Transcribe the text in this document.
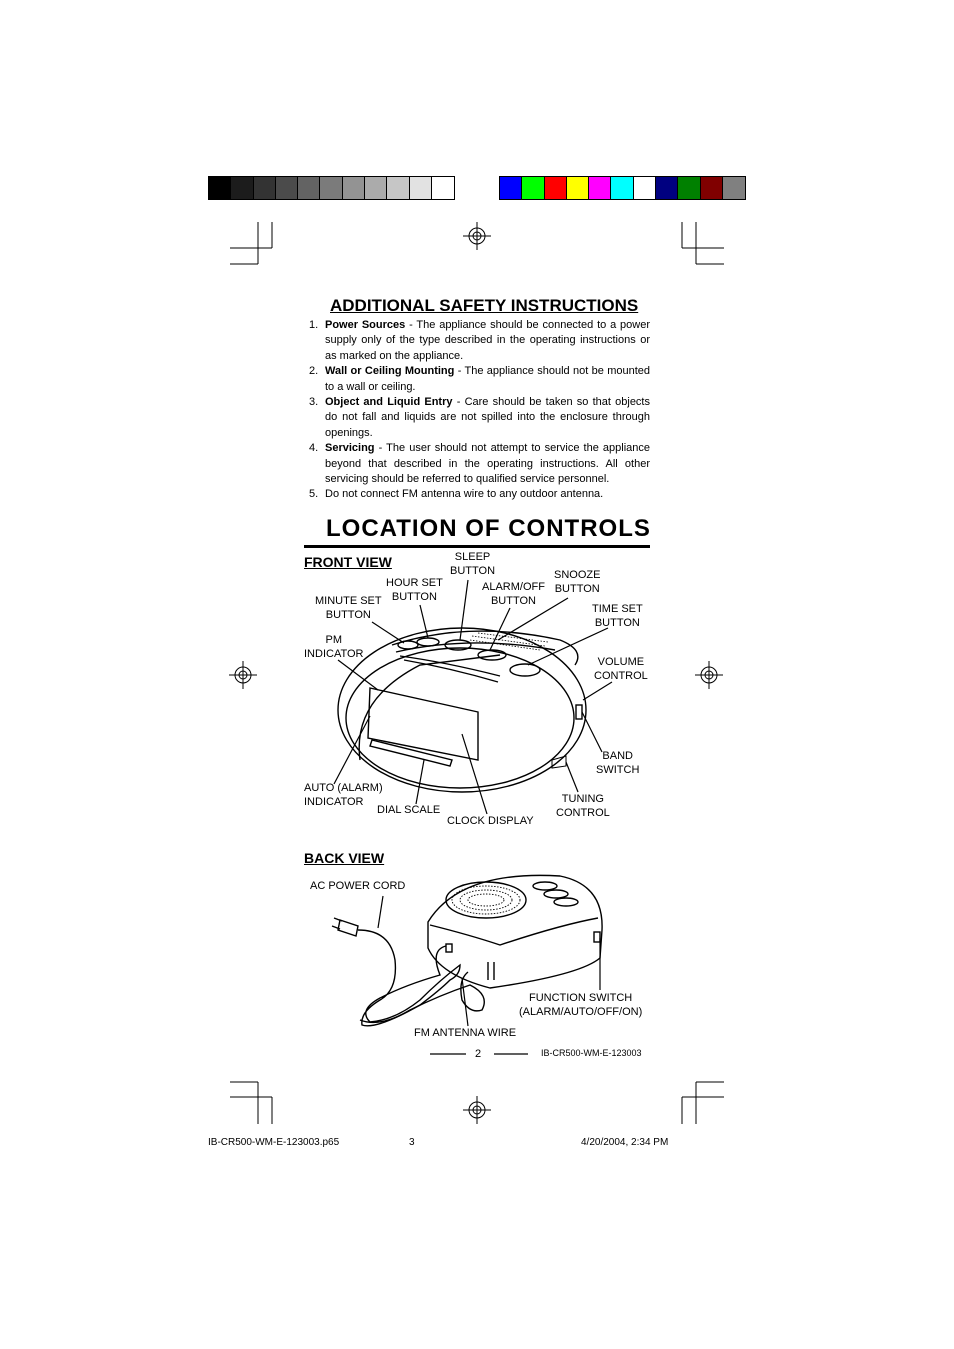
ADDITIONAL SAFETY INSTRUCTIONS
1. Power Sources - The appliance should be connected to a power supply only of the type described in the operating instructions or as marked on the appliance.
2. Wall or Ceiling Mounting - The appliance should not be mounted to a wall or ceiling.
3. Object and Liquid Entry - Care should be taken so that objects do not fall and liquids are not spilled into the enclosure through openings.
4. Servicing - The user should not attempt to service the appliance beyond that described in the operating instructions. All other servicing should be referred to qualified service personnel.
5. Do not connect FM antenna wire to any outdoor antenna.
LOCATION OF CONTROLS
FRONT VIEW	SLEEP
BUTTON
HOUR SET
BUTTON
ALARM/OFF
BUTTON
SNOOZE
BUTTON
MINUTE SET
BUTTON	TIME SET
BUTTON
PM
INDICATOR
VOLUME
CONTROL
BAND
SWITCH
AUTO (ALARM)
INDICATOR	TUNING
CONTROL
DIAL SCALE
CLOCK DISPLAY
BACK VIEW
AC POWER CORD
FUNCTION SWITCH
(ALARM/AUTO/OFF/ON)
FM ANTENNA WIRE
2	IB-CR500-WM-E-123003
IB-CR500-WM-E-123003.p65	3	4/20/2004, 2:34 PM
